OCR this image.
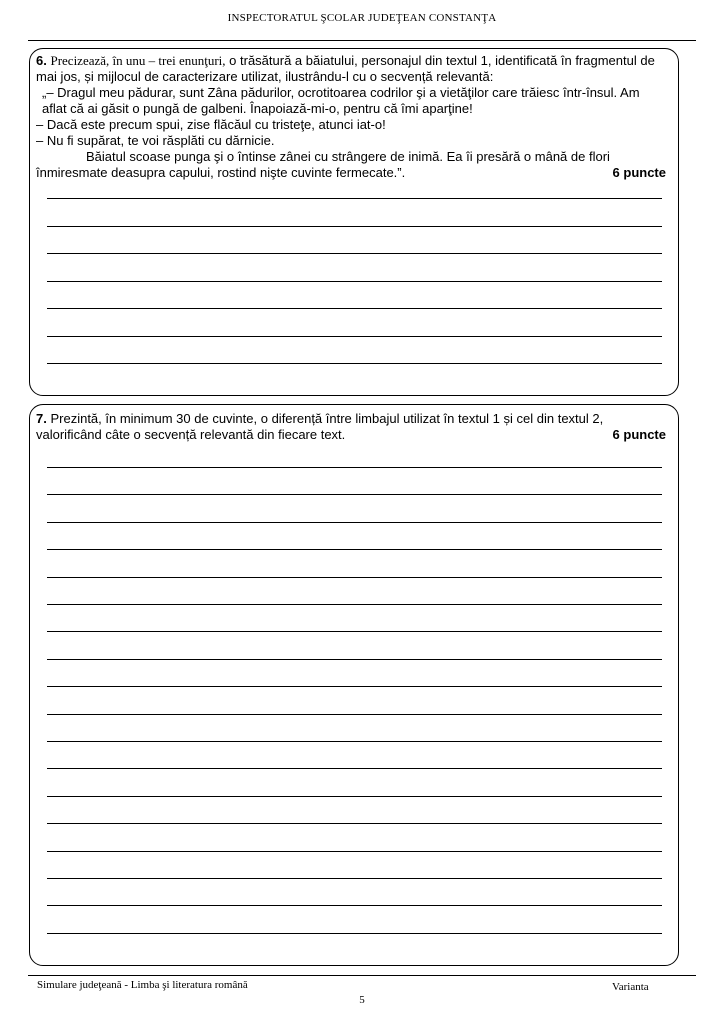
INSPECTORATUL ŞCOLAR JUDEŢEAN CONSTANŢA
6. Precizează, în unu – trei enunţuri, o trăsătură a băiatului, personajul din textul 1, identificată în fragmentul de mai jos, și mijlocul de caracterizare utilizat, ilustrându-l cu o secvență relevantă:
„– Dragul meu pădurar, sunt Zâna pădurilor, ocrotitoarea codrilor şi a vietăţilor care trăiesc într-însul. Am aflat că ai găsit o pungă de galbeni. Înapoiază-mi-o, pentru că îmi aparţine!
– Dacă este precum spui, zise flăcăul cu tristeţe, atunci iat-o!
– Nu fi supărat, te voi răsplăti cu dărnicie.
Băiatul scoase punga şi o întinse zânei cu strângere de inimă. Ea îi presără o mână de flori înmiresmate deasupra capului, rostind nişte cuvinte fermecate.”.	6 puncte
7. Prezintă, în minimum 30 de cuvinte, o diferență între limbajul utilizat în textul 1 și cel din textul 2, valorificând câte o secvență relevantă din fiecare text.	6 puncte
Simulare judeţeană - Limba şi literatura română	Varianta
5
